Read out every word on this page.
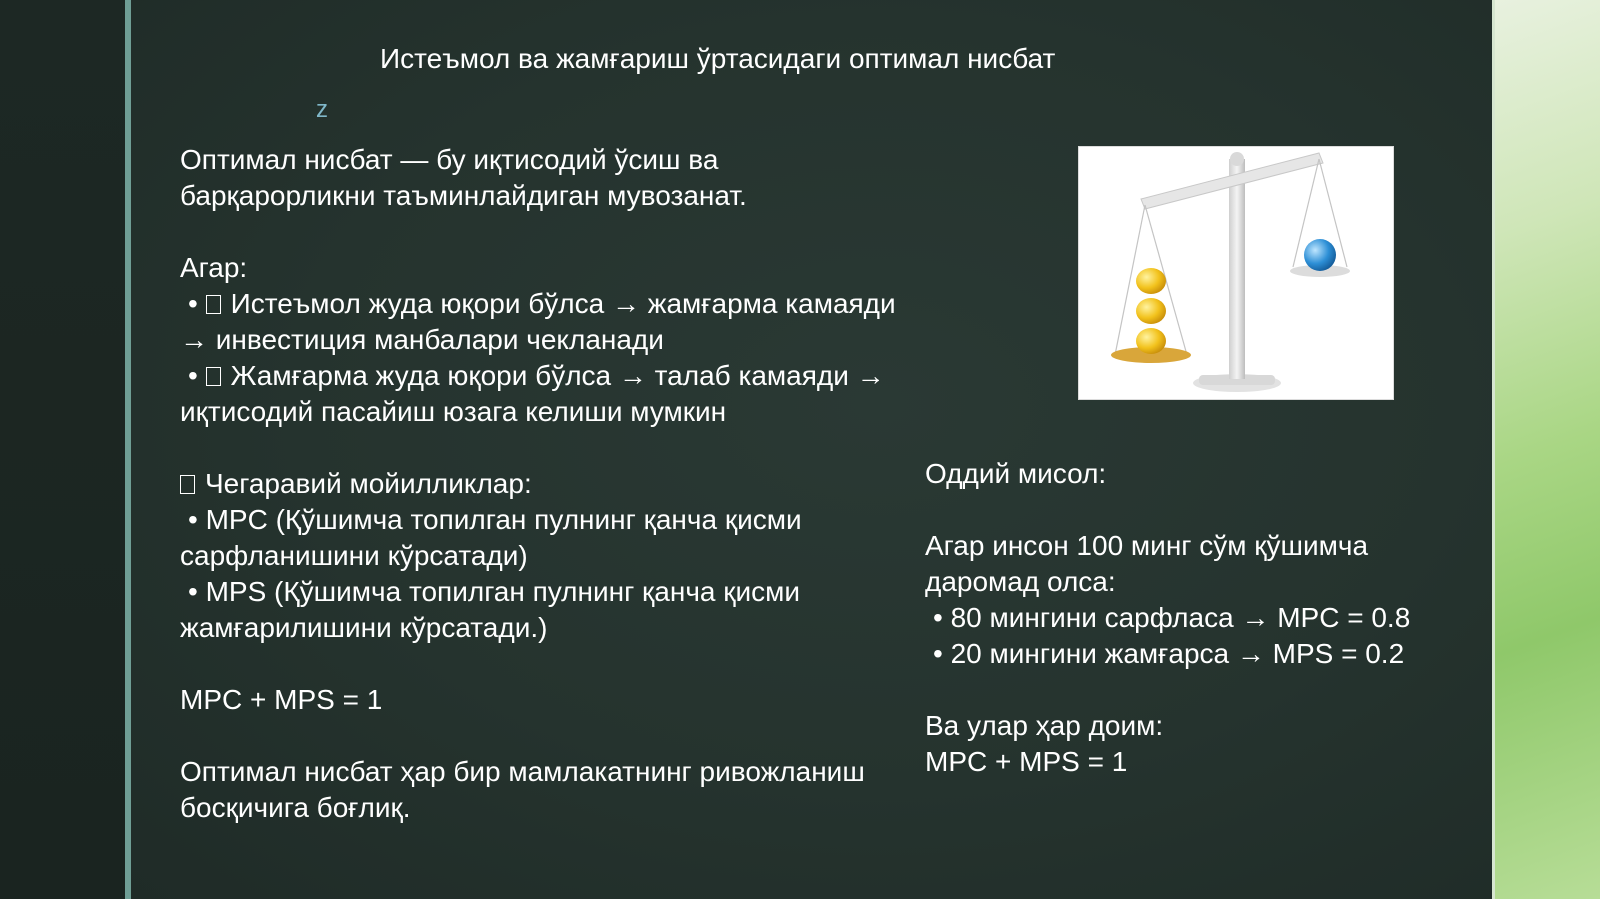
Истеъмол ва жамғариш ўртасидаги оптимал нисбат
z

Оптимал нисбат — бу иқтисодий ўсиш ва

барқарорликни таъминлайдиган мувозанат.

Агар:

• Истеъмол жуда юқори бўлса → жамғарма камаяди

→ инвестиция манбалари чекланади

• Жамғарма жуда юқори бўлса → талаб камаяди →

иқтисодий пасайиш юзага келиши мумкин

Чегаравий мойилликлар:

• MPC (Қўшимча топилган пулнинг қанча қисми

сарфланишини кўрсатади)

• MPS (Қўшимча топилган пулнинг қанча қисми

жамғарилишини кўрсатади.)

MPC + MPS = 1

Оптимал нисбат ҳар бир мамлакатнинг ривожланиш

босқичига боғлиқ.

Оддий мисол:

Агар инсон 100 минг сўм қўшимча

даромад олса:

• 80 мингини сарфласа → MPC = 0.8

• 20 мингини жамғарса → MPS = 0.2

Ва улар ҳар доим:

MPC + MPS = 1
